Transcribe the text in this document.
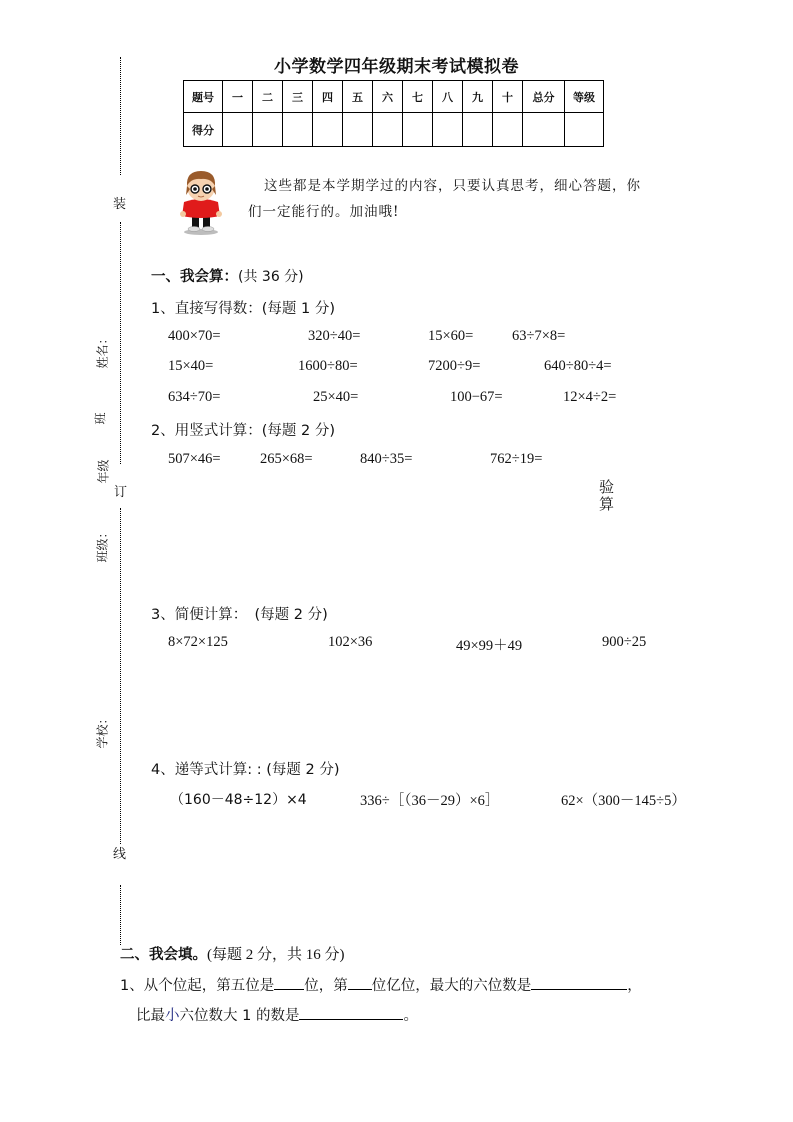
小学数学四年级期末考试模拟卷
题号	一	二	三	四	五	六	七	八	九	十	总分	等级
得分												
装
订
线
姓名：
班
年级
班级：
学校：
这些都是本学期学过的内容，只要认真思考，细心答题，你
们一定能行的。加油哦!
一、我会算：(共 36 分)
1、直接写得数：(每题 1 分)
400×70=	320÷40=	15×60=	63÷7×8=
15×40=	1600÷80=	7200÷9=	640÷80÷4=
634÷70=	25×40=	100−67=	12×4÷2=
2、用竖式计算：(每题 2 分)
507×46=	265×68=	840÷35=	762÷19=
验
算
3、简便计算：　(每题 2 分)
8×72×125	102×36	49×99＋49	900÷25
4、递等式计算: : (每题 2 分)
（160－48÷12）×4	336÷［（36－29）×6］	62×（300－145÷5）
二、我会填。(每题 2 分，共 16 分)
1、从个位起，第五位是 位，第 位亿位，最大的六位数是	，
比最小六位数大 1 的数是	。
